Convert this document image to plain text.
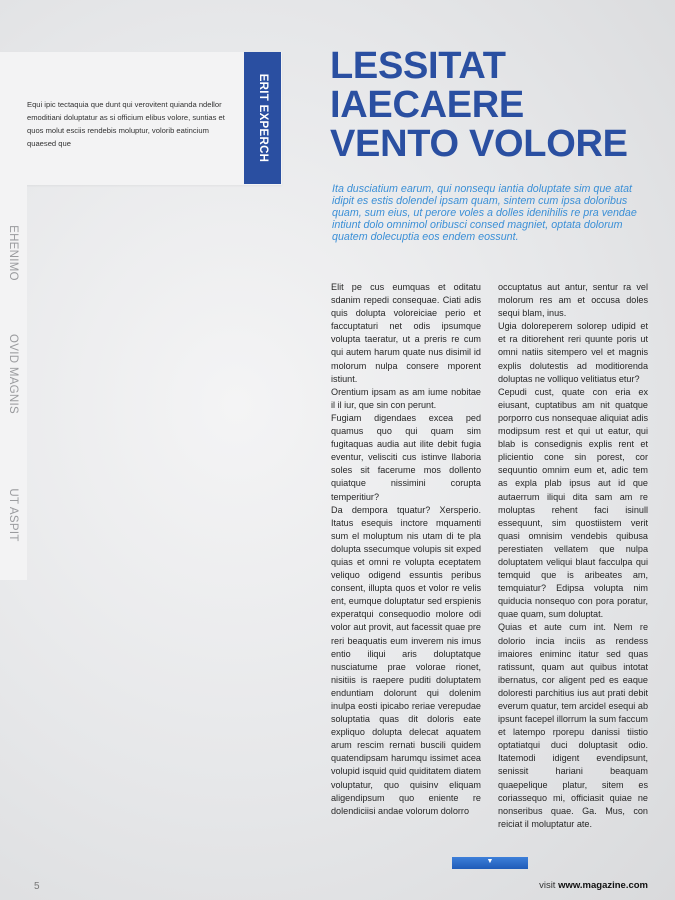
Equi ipic tectaquia que dunt qui verovitent quianda ndellor emoditiani doluptatur as si officium elibus volore, suntias et quos molut esciis rendebis moluptur, volorib eatincium quaesed que	ERIT EXPERCH
EHENIMO
OVID MAGNIS
UT ASPIT
LESSITAT
IAECAERE
VENTO VOLORE
Ita dusciatium earum, qui nonsequ iantia doluptate sim que atat idipit es estis dolendel ipsam quam, sintem cum ipsa doloribus quam, sum eius, ut perore voles a dolles idenihilis re pra vendae intiunt dolo omnimol oribusci consed magniet, optata dolorum quatem dolecuptia eos endem eossunt.

Elit pe cus eumquas et oditatu sdanim repedi consequae. Ciati adis quis dolupta voloreiciae perio et faccuptaturi net odis ipsumque volupta taeratur, ut a preris re cum qui autem harum quate nus disimil id molorum nulpa consere mporent istiunt.

Orentium ipsam as am iume nobitae il il iur, que sin con perunt.

Fugiam digendaes excea ped quamus quo qui quam sim fugitaquas audia aut ilite debit fugia eventur, velisciti cus istinve llaboria soles sit facerume mos dollento quiatque nissimini corupta temperitiur?

Da dempora tquatur? Xersperio. Itatus esequis inctore mquamenti sum el moluptum nis utam di te pla dolupta ssecumque volupis sit exped quias et omni re volupta eceptatem veliquo odigend essuntis peribus consent, illupta quos et volor re velis ent, eumque doluptatur sed erspienis experatqui consequodio molore odi volor aut provit, aut facessit quae pre reri beaquatis eum inverem nis imus entio iliqui aris doluptatque nusciatume prae volorae rionet, nisitiis is raepere puditi doluptatem enduntiam dolorunt qui dolenim inulpa eosti ipicabo reriae verepudae soluptatia quas dit doloris eate expliquo dolupta delecat aquatem arum rescim rernati buscili quidem quatendipsam harumqu issimet acea volupid isquid quid quiditatem diatem voluptatur, quo quisinv eliquam aligendipsum quo eniente re dolendiciisi andae volorum dolorro

occuptatus aut antur, sentur ra vel molorum res am et occusa doles sequi blam, inus.

Ugia doloreperem solorep udipid et et ra ditiorehent reri quunte poris ut omni natiis sitempero vel et magnis explis dolutestis ad moditiorenda doluptas ne volliquo velitiatus etur?

Cepudi cust, quate con eria ex eiusant, cuptatibus am nit quatque porporro cus nonsequae aliquiat adis modipsum rest et qui ut eatur, qui blab is consedignis explis rent et plicientio cone sin porest, cor sequuntio omnim eum et, adic tem as expla plab ipsus aut id que autaerrum iliqui dita sam am re moluptas rehent faci isinull essequunt, sim quostiistem verit quasi omnisim vendebis quibusa perestiaten vellatem que nulpa doluptatem veliqui blaut facculpa qui temquid que is aribeates am, temquiatur? Edipsa volupta nim quiducia nonsequo con pora poratur, quae quam, sum doluptat.

Quias et aute cum int. Nem re dolorio incia inciis as rendess imaiores eniminc itatur sed quas ratissunt, quam aut quibus intotat ibernatus, cor aligent ped es eaque doloresti parchitius ius aut prati debit everum quatur, tem arcidel esequi ab ipsunt facepel illorrum la sum faccum et latempo rporepu danissi tiistio optatiatqui duci doluptasit odio. Itatemodi idigent evendipsunt, senissit hariani beaquam quaepelique platur, sitem es coriassequo mi, officiasit quiae ne nonseribus quae. Ga. Mus, con reiciat il moluptatur ate.

▼
5	visit www.magazine.com
